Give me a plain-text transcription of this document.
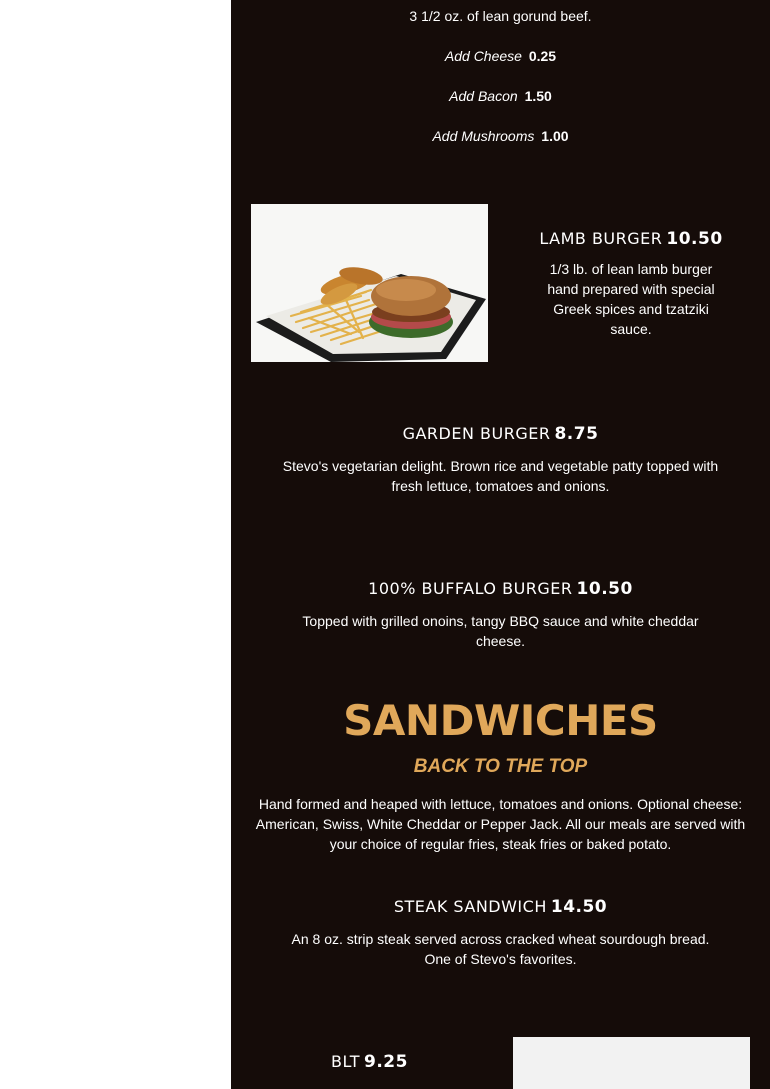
3 1/2 oz. of lean gorund beef.
Add Cheese 0.25
Add Bacon 1.50
Add Mushrooms 1.00
LAMB BURGER 10.50
1/3 lb. of lean lamb burger hand prepared with special Greek spices and tzatziki sauce.
GARDEN BURGER 8.75
Stevo's vegetarian delight. Brown rice and vegetable patty topped with fresh lettuce, tomatoes and onions.
100% BUFFALO BURGER 10.50
Topped with grilled onoins, tangy BBQ sauce and white cheddar cheese.
SANDWICHES
BACK TO THE TOP
Hand formed and heaped with lettuce, tomatoes and onions. Optional cheese: American, Swiss, White Cheddar or Pepper Jack. All our meals are served with your choice of regular fries, steak fries or baked potato.
STEAK SANDWICH 14.50
An 8 oz. strip steak served across cracked wheat sourdough bread.
One of Stevo's favorites.
BLT 9.25
